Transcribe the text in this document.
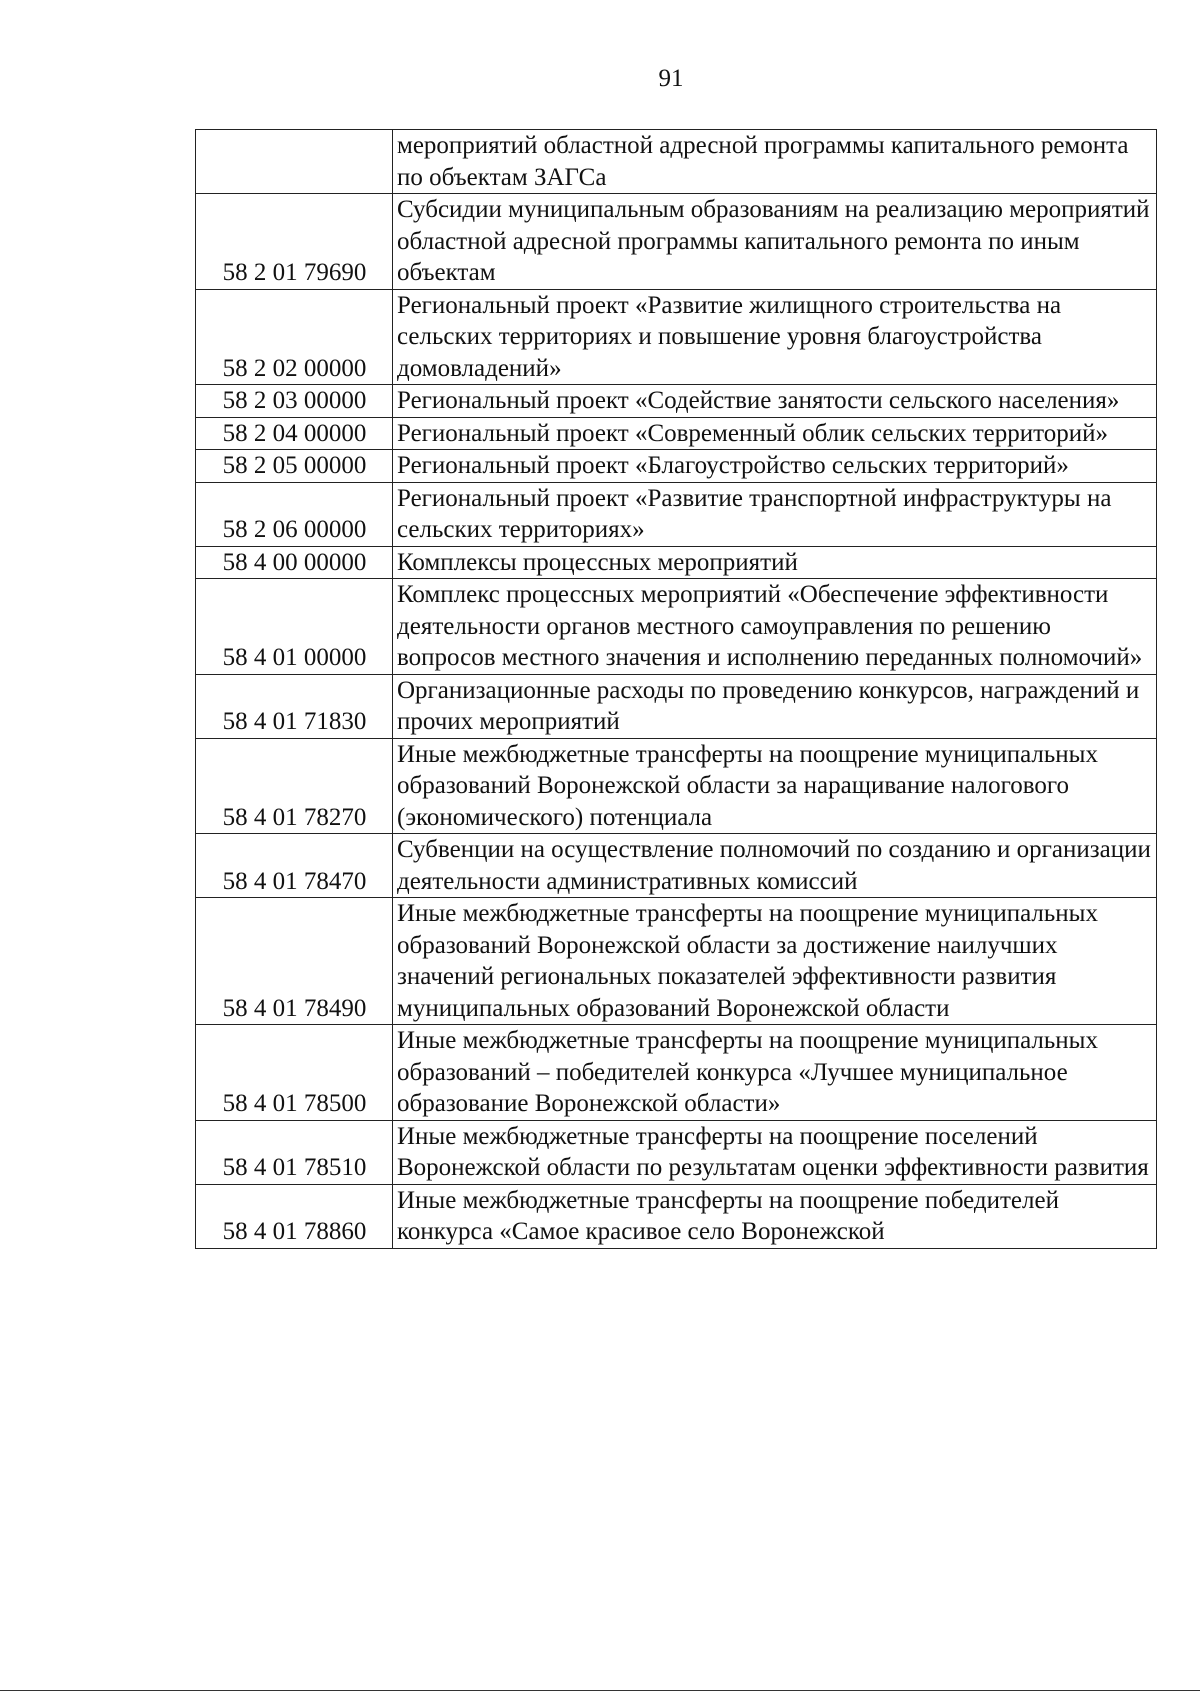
91
	мероприятий областной адресной программы капитального ремонта по объектам ЗАГСа
58 2 01 79690	Субсидии муниципальным образованиям на реализацию мероприятий областной адресной программы капитального ремонта по иным объектам
58 2 02 00000	Региональный проект «Развитие жилищного строительства на сельских территориях и повышение уровня благоустройства домовладений»
58 2 03 00000	Региональный проект «Содействие занятости сельского населения»
58 2 04 00000	Региональный проект «Современный облик сельских территорий»
58 2 05 00000	Региональный проект «Благоустройство сельских территорий»
58 2 06 00000	Региональный проект «Развитие транспортной инфраструктуры на сельских территориях»
58 4 00 00000	Комплексы процессных мероприятий
58 4 01 00000	Комплекс процессных мероприятий «Обеспечение эффективности деятельности органов местного самоуправления по решению вопросов местного значения и исполнению переданных полномочий»
58 4 01 71830	Организационные расходы по проведению конкурсов, награждений и прочих мероприятий
58 4 01 78270	Иные межбюджетные трансферты на поощрение муниципальных образований Воронежской области за наращивание налогового (экономического) потенциала
58 4 01 78470	Субвенции на осуществление полномочий по созданию и организации деятельности административных комиссий
58 4 01 78490	Иные межбюджетные трансферты на поощрение муниципальных образований Воронежской области за достижение наилучших значений региональных показателей эффективности развития муниципальных образований Воронежской области
58 4 01 78500	Иные межбюджетные трансферты на поощрение муниципальных образований – победителей конкурса «Лучшее муниципальное образование Воронежской области»
58 4 01 78510	Иные межбюджетные трансферты на поощрение поселений Воронежской области по результатам оценки эффективности развития
58 4 01 78860	Иные межбюджетные трансферты на поощрение победителей конкурса «Самое красивое село Воронежской
